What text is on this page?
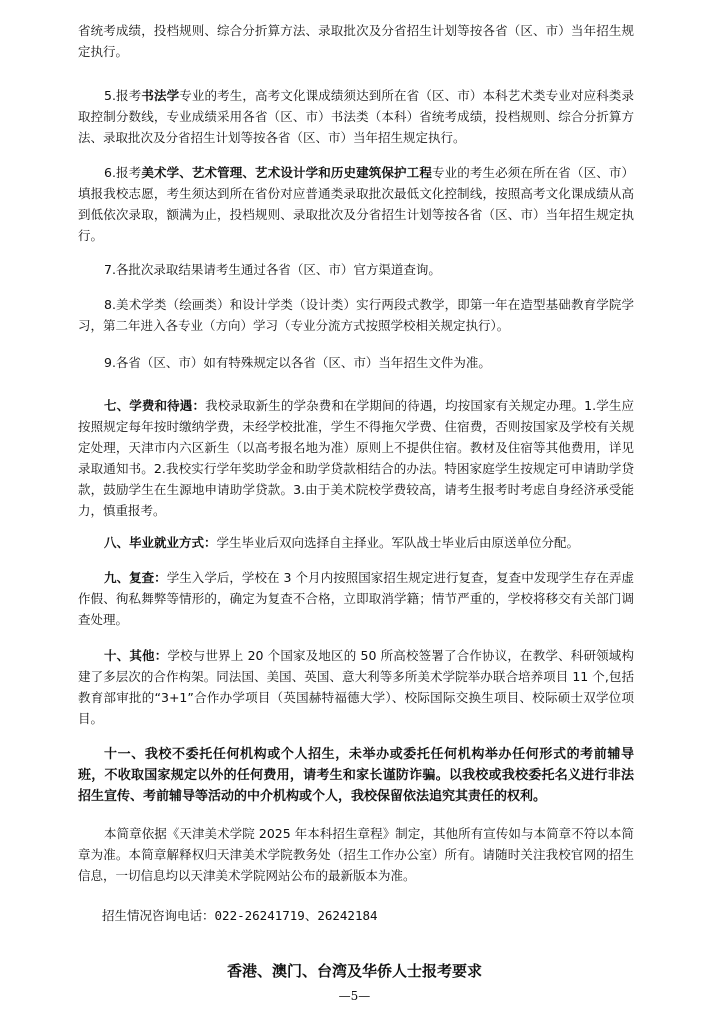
省统考成绩，投档规则、综合分折算方法、录取批次及分省招生计划等按各省（区、市）当年招生规定执行。

5.报考书法学专业的考生，高考文化课成绩须达到所在省（区、市）本科艺术类专业对应科类录取控制分数线，专业成绩采用各省（区、市）书法类（本科）省统考成绩，投档规则、综合分折算方法、录取批次及分省招生计划等按各省（区、市）当年招生规定执行。

6.报考美术学、艺术管理、艺术设计学和历史建筑保护工程专业的考生必须在所在省（区、市）填报我校志愿，考生须达到所在省份对应普通类录取批次最低文化控制线，按照高考文化课成绩从高到低依次录取，额满为止，投档规则、录取批次及分省招生计划等按各省（区、市）当年招生规定执行。

7.各批次录取结果请考生通过各省（区、市）官方渠道查询。

8.美术学类（绘画类）和设计学类（设计类）实行两段式教学，即第一年在造型基础教育学院学习，第二年进入各专业（方向）学习（专业分流方式按照学校相关规定执行）。

9.各省（区、市）如有特殊规定以各省（区、市）当年招生文件为准。

七、学费和待遇：我校录取新生的学杂费和在学期间的待遇，均按国家有关规定办理。1.学生应按照规定每年按时缴纳学费，未经学校批准，学生不得拖欠学费、住宿费，否则按国家及学校有关规定处理，天津市内六区新生（以高考报名地为准）原则上不提供住宿。教材及住宿等其他费用，详见录取通知书。2.我校实行学年奖助学金和助学贷款相结合的办法。特困家庭学生按规定可申请助学贷款，鼓励学生在生源地申请助学贷款。3.由于美术院校学费较高，请考生报考时考虑自身经济承受能力，慎重报考。

八、毕业就业方式：学生毕业后双向选择自主择业。军队战士毕业后由原送单位分配。

九、复查：学生入学后，学校在 3 个月内按照国家招生规定进行复查，复查中发现学生存在弄虚作假、徇私舞弊等情形的，确定为复查不合格，立即取消学籍；情节严重的，学校将移交有关部门调查处理。

十、其他：学校与世界上 20 个国家及地区的 50 所高校签署了合作协议，在教学、科研领域构建了多层次的合作构架。同法国、美国、英国、意大利等多所美术学院举办联合培养项目 11 个,包括教育部审批的“3+1”合作办学项目（英国赫特福德大学）、校际国际交换生项目、校际硕士双学位项目。

十一、我校不委托任何机构或个人招生，未举办或委托任何机构举办任何形式的考前辅导班，不收取国家规定以外的任何费用，请考生和家长谨防诈骗。以我校或我校委托名义进行非法招生宣传、考前辅导等活动的中介机构或个人，我校保留依法追究其责任的权利。

本简章依据《天津美术学院 2025 年本科招生章程》制定，其他所有宣传如与本简章不符以本简章为准。本简章解释权归天津美术学院教务处（招生工作办公室）所有。请随时关注我校官网的招生信息，一切信息均以天津美术学院网站公布的最新版本为准。

招生情况咨询电话：022-26241719、26242184

香港、澳门、台湾及华侨人士报考要求

—5—
